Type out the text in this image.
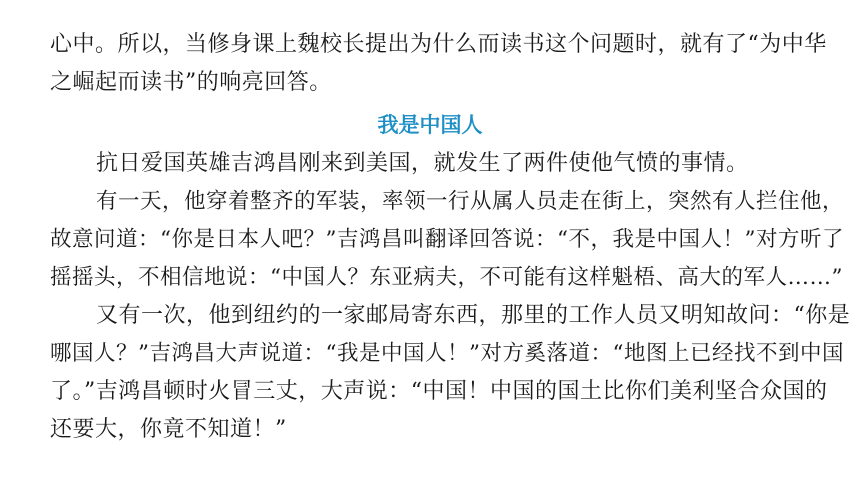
心中。所以，当修身课上魏校长提出为什么而读书这个问题时，就有了“为中华
之崛起而读书”的响亮回答。
我是中国人
抗日爱国英雄吉鸿昌刚来到美国，就发生了两件使他气愤的事情。
有一天，他穿着整齐的军装，率领一行从属人员走在街上，突然有人拦住他，
故意问道：“你是日本人吧？”吉鸿昌叫翻译回答说：“不，我是中国人！”对方听了
摇摇头，不相信地说：“中国人？东亚病夫，不可能有这样魁梧、高大的军人……”
又有一次，他到纽约的一家邮局寄东西，那里的工作人员又明知故问：“你是
哪国人？”吉鸿昌大声说道：“我是中国人！”对方奚落道：“地图上已经找不到中国
了。”吉鸿昌顿时火冒三丈，大声说：“中国！中国的国土比你们美利坚合众国的
还要大，你竟不知道！”
